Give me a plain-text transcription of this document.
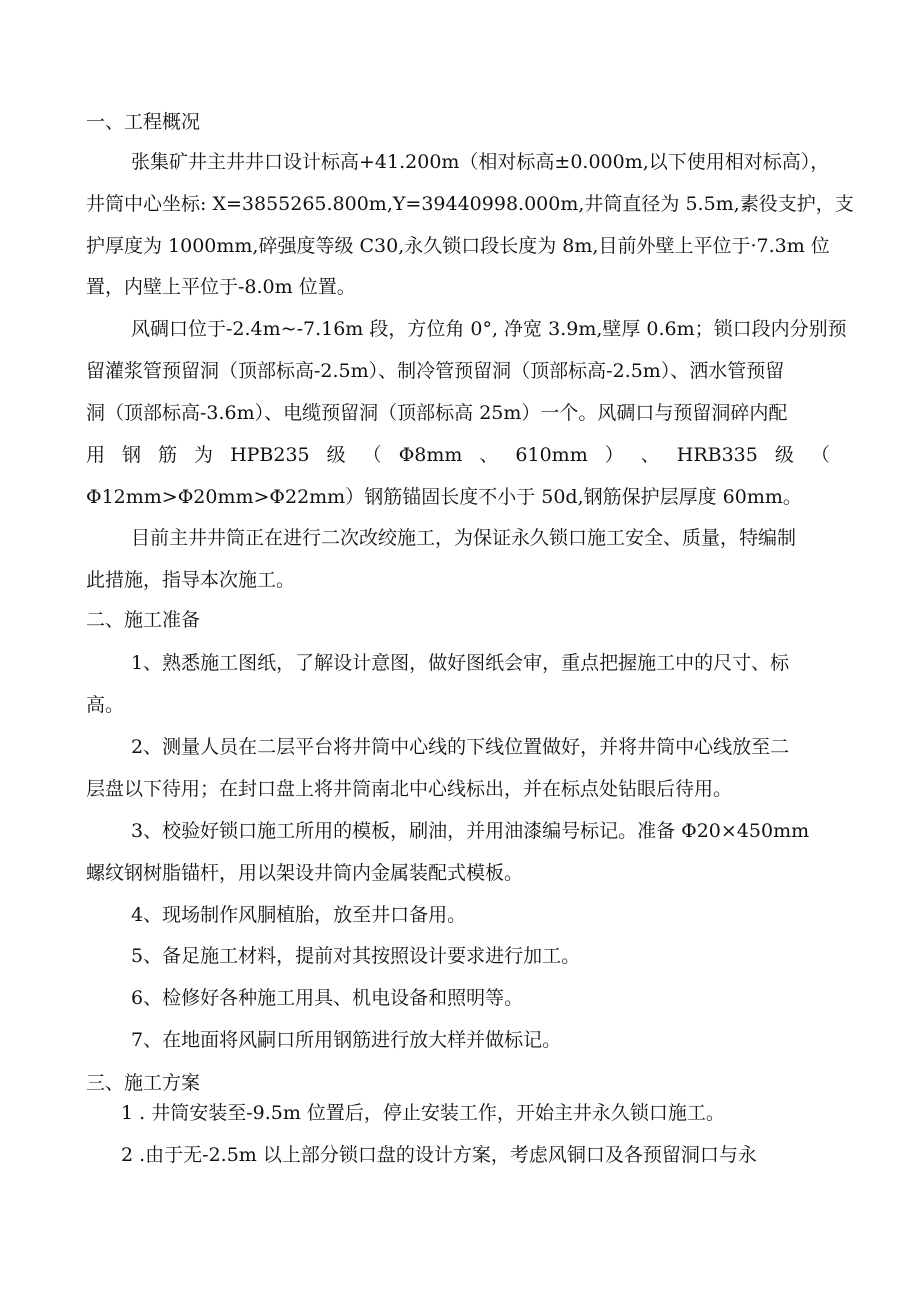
一、工程概况

张集矿井主井井口设计标高+41.200m（相对标高±0.000m,以下使用相对标高），

井筒中心坐标: X=3855265.800m,Y=39440998.000m,井筒直径为 5.5m,素役支护，支

护厚度为 1000mm,碎强度等级 C30,永久锁口段长度为 8m,目前外壁上平位于·7.3m 位

置，内壁上平位于-8.0m 位置。

风碉口位于-2.4m~-7.16m 段，方位角 0°, 净宽 3.9m,壁厚 0.6m；锁口段内分别预

留灌浆管预留洞（顶部标高-2.5m）、制冷管预留洞（顶部标高-2.5m）、洒水管预留

洞（顶部标高-3.6m）、电缆预留洞（顶部标高 25m）一个。风碉口与预留洞碎内配

用 钢 筋 为 HPB235 级 （ Φ8mm 、 610mm ） 、 HRB335 级 （

Φ12mm>Φ20mm>Φ22mm）钢筋锚固长度不小于 50d,钢筋保护层厚度 60mm。

目前主井井筒正在进行二次改绞施工，为保证永久锁口施工安全、质量，特编制

此措施，指导本次施工。

二、施工准备

1、熟悉施工图纸，了解设计意图，做好图纸会审，重点把握施工中的尺寸、标

高。

2、测量人员在二层平台将井筒中心线的下线位置做好，并将井筒中心线放至二

层盘以下待用；在封口盘上将井筒南北中心线标出，并在标点处钻眼后待用。

3、校验好锁口施工所用的模板，刷油，并用油漆编号标记。准备 Φ20×450mm

螺纹钢树脂锚杆，用以架设井筒内金属装配式模板。

4、现场制作风胴植胎，放至井口备用。

5、备足施工材料，提前对其按照设计要求进行加工。

6、检修好各种施工用具、机电设备和照明等。

7、在地面将风嗣口所用钢筋进行放大样并做标记。

三、施工方案

1 . 井筒安装至-9.5m 位置后，停止安装工作，开始主井永久锁口施工。

2 .由于无-2.5m 以上部分锁口盘的设计方案，考虑风铜口及各预留洞口与永
